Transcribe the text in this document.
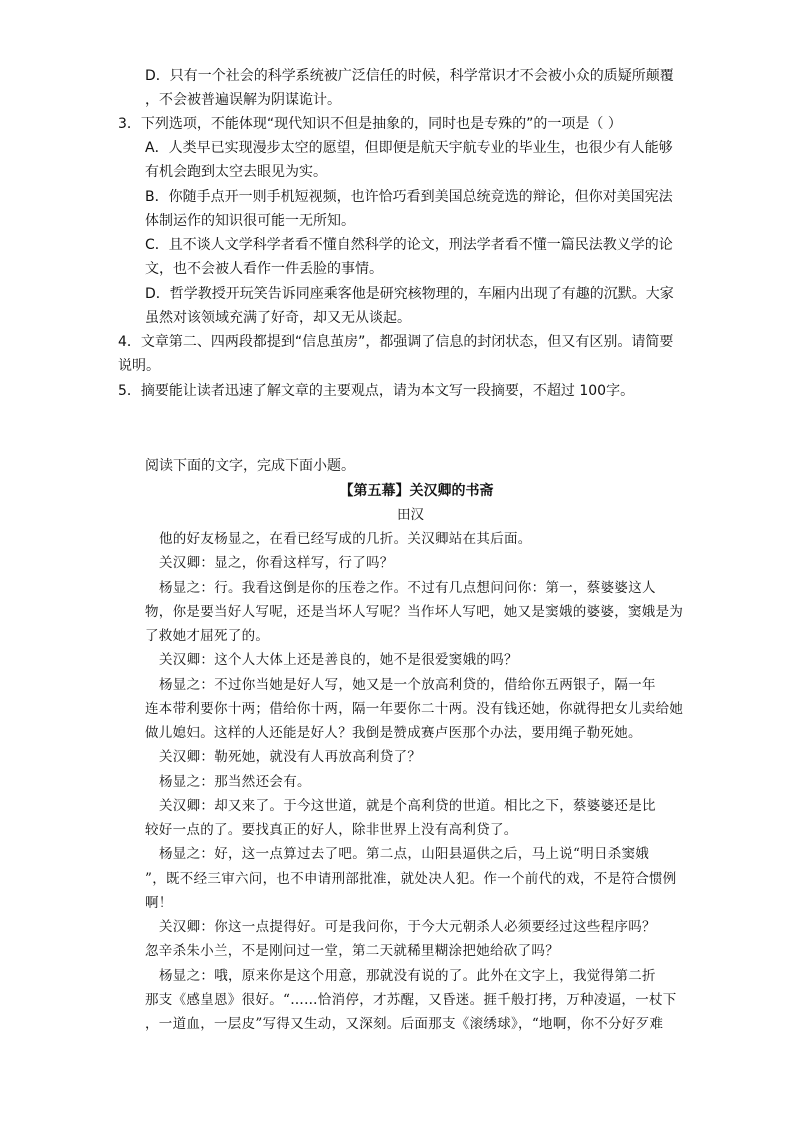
D．只有一个社会的科学系统被广泛信任的时候，科学常识才不会被小众的质疑所颠覆
，不会被普遍误解为阴谋诡计。
3．下列选项，不能体现“现代知识不但是抽象的，同时也是专殊的”的一项是（ ）
A．人类早已实现漫步太空的愿望，但即便是航天宇航专业的毕业生，也很少有人能够
有机会跑到太空去眼见为实。
B．你随手点开一则手机短视频，也许恰巧看到美国总统竞选的辩论，但你对美国宪法
体制运作的知识很可能一无所知。
C．且不谈人文学科学者看不懂自然科学的论文，刑法学者看不懂一篇民法教义学的论
文，也不会被人看作一件丢脸的事情。
D．哲学教授开玩笑告诉同座乘客他是研究核物理的，车厢内出现了有趣的沉默。大家
虽然对该领域充满了好奇，却又无从谈起。
4．文章第二、四两段都提到“信息茧房”，都强调了信息的封闭状态，但又有区别。请简要
说明。
5．摘要能让读者迅速了解文章的主要观点，请为本文写一段摘要，不超过 100字。
阅读下面的文字，完成下面小题。
【第五幕】关汉卿的书斋
田汉
他的好友杨显之，在看已经写成的几折。关汉卿站在其后面。
关汉卿：显之，你看这样写，行了吗？
杨显之：行。我看这倒是你的压卷之作。不过有几点想问问你：第一，蔡婆婆这人
物，你是要当好人写呢，还是当坏人写呢？当作坏人写吧，她又是窦娥的婆婆，窦娥是为
了救她才屈死了的。
关汉卿：这个人大体上还是善良的，她不是很爱窦娥的吗？
杨显之：不过你当她是好人写，她又是一个放高利贷的，借给你五两银子，隔一年
连本带利要你十两；借给你十两，隔一年要你二十两。没有钱还她，你就得把女儿卖给她
做儿媳妇。这样的人还能是好人？我倒是赞成赛卢医那个办法，要用绳子勒死她。
关汉卿：勒死她，就没有人再放高利贷了？
杨显之：那当然还会有。
关汉卿：却又来了。于今这世道，就是个高利贷的世道。相比之下，蔡婆婆还是比
较好一点的了。要找真正的好人，除非世界上没有高利贷了。
杨显之：好，这一点算过去了吧。第二点，山阳县逼供之后，马上说“明日杀窦娥
”，既不经三审六问，也不申请刑部批准，就处决人犯。作一个前代的戏，不是符合惯例
啊！
关汉卿：你这一点提得好。可是我问你，于今大元朝杀人必须要经过这些程序吗？
忽辛杀朱小兰，不是刚问过一堂，第二天就稀里糊涂把她给砍了吗？
杨显之：哦，原来你是这个用意，那就没有说的了。此外在文字上，我觉得第二折
那支《感皇恩》很好。“……恰消停，才苏醒，又昏迷。捱千般打拷，万种凌逼，一杖下
，一道血，一层皮”写得又生动，又深刻。后面那支《滚绣球》，“地啊，你不分好歹难
